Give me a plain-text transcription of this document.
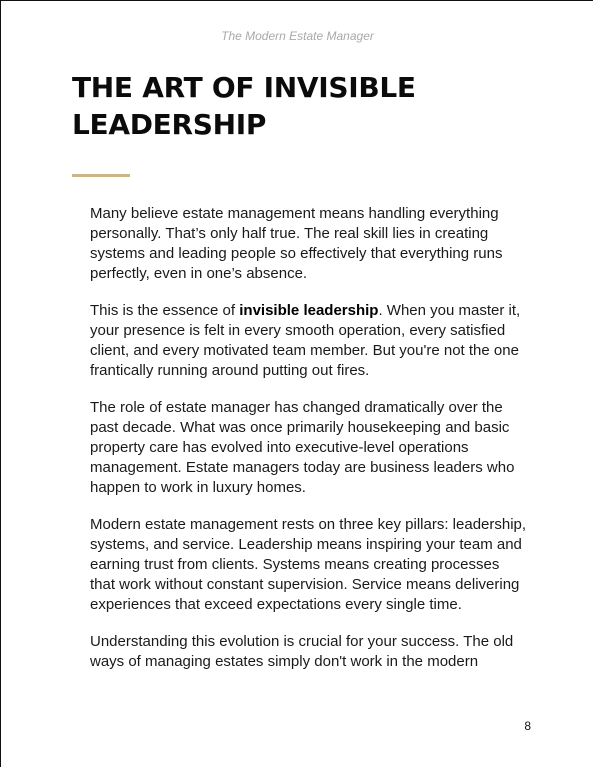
The Modern Estate Manager
THE ART OF INVISIBLE
LEADERSHIP

Many believe estate management means handling everything personally. That’s only half true. The real skill lies in creating systems and leading people so effectively that everything runs perfectly, even in one’s absence.

This is the essence of invisible leadership. When you master it, your presence is felt in every smooth operation, every satisfied client, and every motivated team member. But you're not the one frantically running around putting out fires.

The role of estate manager has changed dramatically over the past decade. What was once primarily housekeeping and basic property care has evolved into executive-level operations management. Estate managers today are business leaders who happen to work in luxury homes.

Modern estate management rests on three key pillars: leadership, systems, and service. Leadership means inspiring your team and earning trust from clients. Systems means creating processes that work without constant supervision. Service means delivering experiences that exceed expectations every single time.

Understanding this evolution is crucial for your success. The old ways of managing estates simply don't work in the modern

8
